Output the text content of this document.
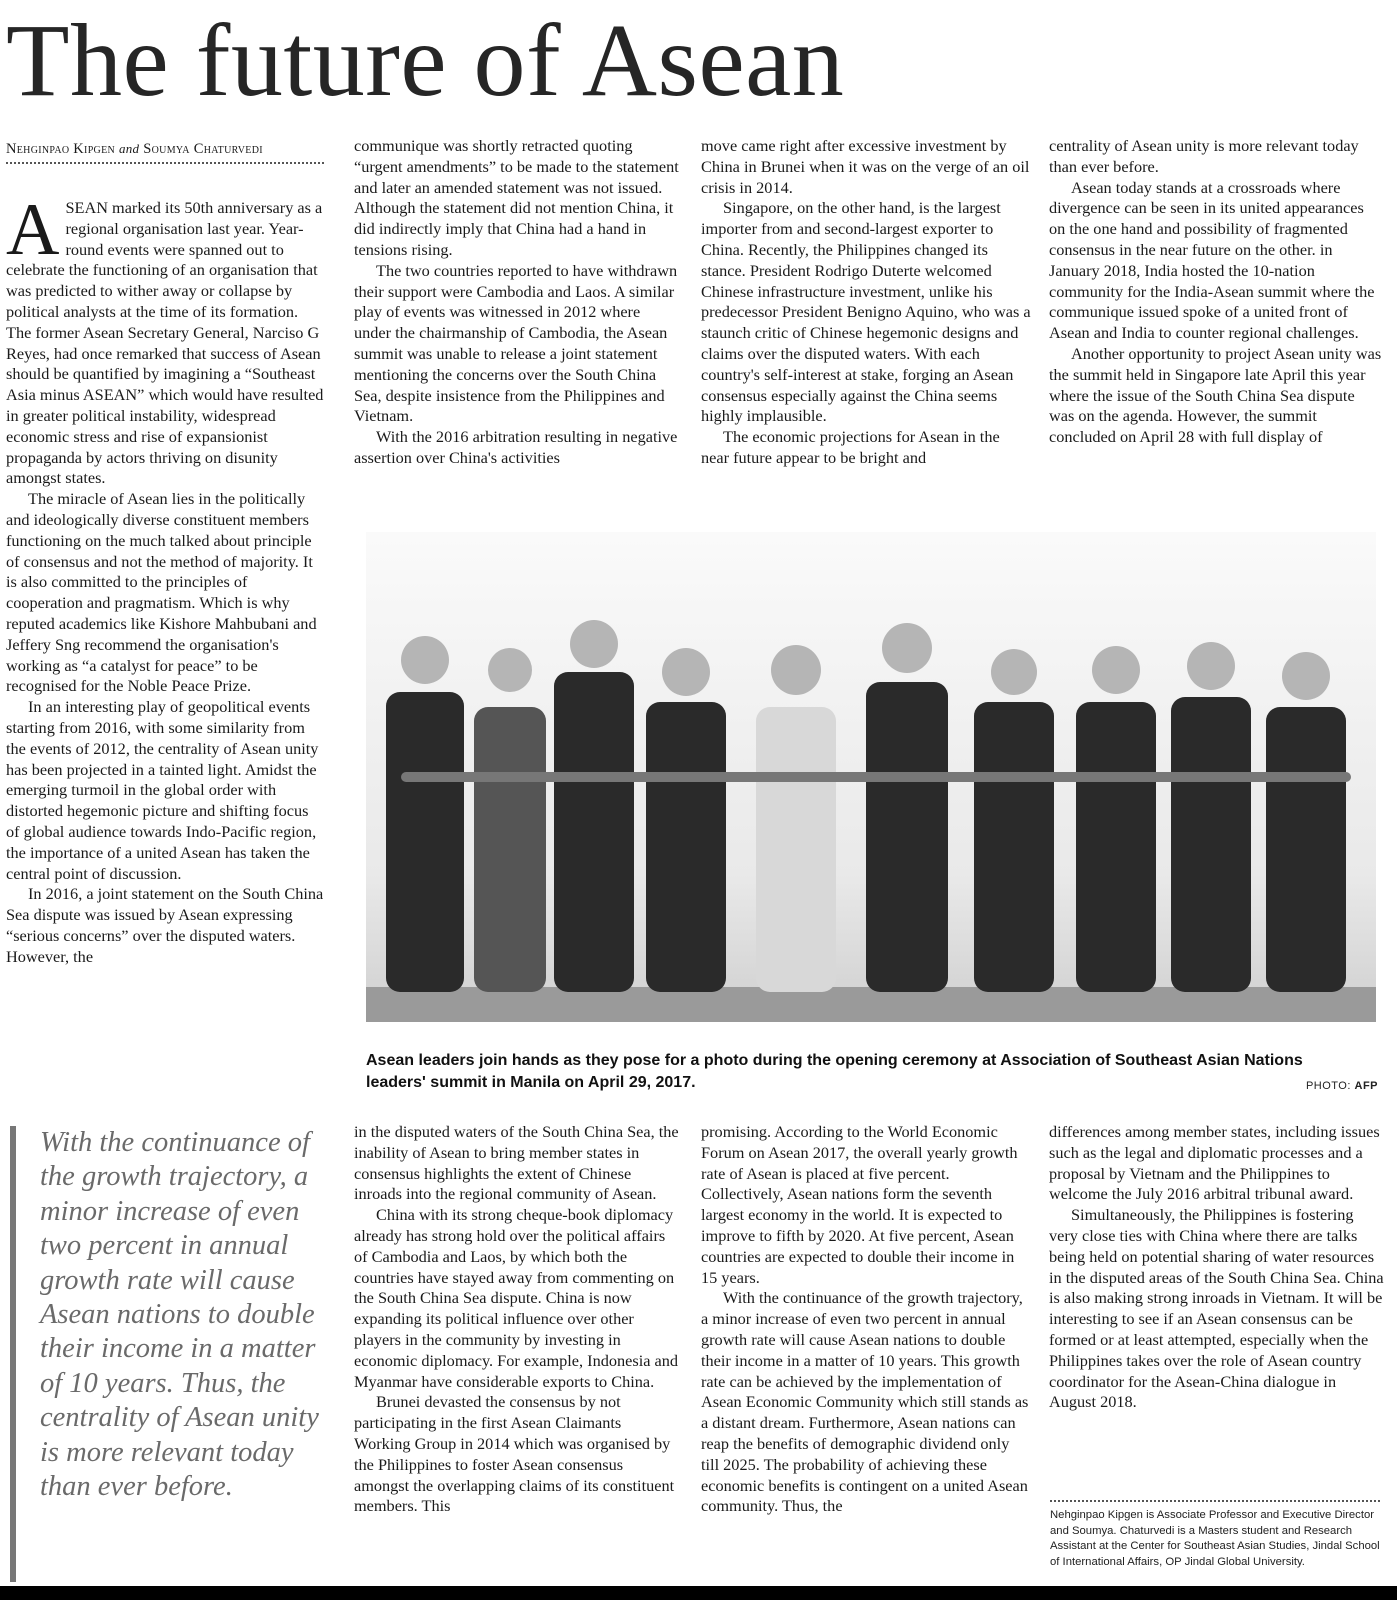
The future of Asean
Nehginpao Kipgen and Soumya Chaturvedi

ASEAN marked its 50th anniversary as a regional organisation last year. Year-round events were spanned out to celebrate the functioning of an organisation that was predicted to wither away or collapse by political analysts at the time of its formation. The former Asean Secretary General, Narciso G Reyes, had once remarked that success of Asean should be quantified by imagining a “Southeast Asia minus ASEAN” which would have resulted in greater political instability, widespread economic stress and rise of expansionist propaganda by actors thriving on disunity amongst states.

The miracle of Asean lies in the politically and ideologically diverse constituent members functioning on the much talked about principle of consensus and not the method of majority. It is also committed to the principles of cooperation and pragmatism. Which is why reputed academics like Kishore Mahbubani and Jeffery Sng recommend the organisation's working as “a catalyst for peace” to be recognised for the Noble Peace Prize.

In an interesting play of geopolitical events starting from 2016, with some similarity from the events of 2012, the centrality of Asean unity has been projected in a tainted light. Amidst the emerging turmoil in the global order with distorted hegemonic picture and shifting focus of global audience towards Indo-Pacific region, the importance of a united Asean has taken the central point of discussion.

In 2016, a joint statement on the South China Sea dispute was issued by Asean expressing “serious concerns” over the disputed waters. However, the

communique was shortly retracted quoting “urgent amendments” to be made to the statement and later an amended statement was not issued. Although the statement did not mention China, it did indirectly imply that China had a hand in tensions rising.

The two countries reported to have withdrawn their support were Cambodia and Laos. A similar play of events was witnessed in 2012 where under the chairmanship of Cambodia, the Asean summit was unable to release a joint statement mentioning the concerns over the South China Sea, despite insistence from the Philippines and Vietnam.

With the 2016 arbitration resulting in negative assertion over China's activities

move came right after excessive investment by China in Brunei when it was on the verge of an oil crisis in 2014.

Singapore, on the other hand, is the largest importer from and second-largest exporter to China. Recently, the Philippines changed its stance. President Rodrigo Duterte welcomed Chinese infrastructure investment, unlike his predecessor President Benigno Aquino, who was a staunch critic of Chinese hegemonic designs and claims over the disputed waters. With each country's self-interest at stake, forging an Asean consensus especially against the China seems highly implausible.

The economic projections for Asean in the near future appear to be bright and

centrality of Asean unity is more relevant today than ever before.

Asean today stands at a crossroads where divergence can be seen in its united appearances on the one hand and possibility of fragmented consensus in the near future on the other. in January 2018, India hosted the 10-nation community for the India-Asean summit where the communique issued spoke of a united front of Asean and India to counter regional challenges.

Another opportunity to project Asean unity was the summit held in Singapore late April this year where the issue of the South China Sea dispute was on the agenda. However, the summit concluded on April 28 with full display of

Asean leaders join hands as they pose for a photo during the opening ceremony at Association of Southeast Asian Nations leaders' summit in Manila on April 29, 2017.	PHOTO: AFP
With the continuance of the growth trajectory, a minor increase of even two percent in annual growth rate will cause Asean nations to double their income in a matter of 10 years. Thus, the centrality of Asean unity is more relevant today than ever before.

in the disputed waters of the South China Sea, the inability of Asean to bring member states in consensus highlights the extent of Chinese inroads into the regional community of Asean.

China with its strong cheque-book diplomacy already has strong hold over the political affairs of Cambodia and Laos, by which both the countries have stayed away from commenting on the South China Sea dispute. China is now expanding its political influence over other players in the community by investing in economic diplomacy. For example, Indonesia and Myanmar have considerable exports to China.

Brunei devasted the consensus by not participating in the first Asean Claimants Working Group in 2014 which was organised by the Philippines to foster Asean consensus amongst the overlapping claims of its constituent members. This

promising. According to the World Economic Forum on Asean 2017, the overall yearly growth rate of Asean is placed at five percent. Collectively, Asean nations form the seventh largest economy in the world. It is expected to improve to fifth by 2020. At five percent, Asean countries are expected to double their income in 15 years.

With the continuance of the growth trajectory, a minor increase of even two percent in annual growth rate will cause Asean nations to double their income in a matter of 10 years. This growth rate can be achieved by the implementation of Asean Economic Community which still stands as a distant dream. Furthermore, Asean nations can reap the benefits of demographic dividend only till 2025. The probability of achieving these economic benefits is contingent on a united Asean community. Thus, the

differences among member states, including issues such as the legal and diplomatic processes and a proposal by Vietnam and the Philippines to welcome the July 2016 arbitral tribunal award.

Simultaneously, the Philippines is fostering very close ties with China where there are talks being held on potential sharing of water resources in the disputed areas of the South China Sea. China is also making strong inroads in Vietnam. It will be interesting to see if an Asean consensus can be formed or at least attempted, especially when the Philippines takes over the role of Asean country coordinator for the Asean-China dialogue in August 2018.

Nehginpao Kipgen is Associate Professor and Executive Director and Soumya. Chaturvedi is a Masters student and Research Assistant at the Center for Southeast Asian Studies, Jindal School of International Affairs, OP Jindal Global University.
